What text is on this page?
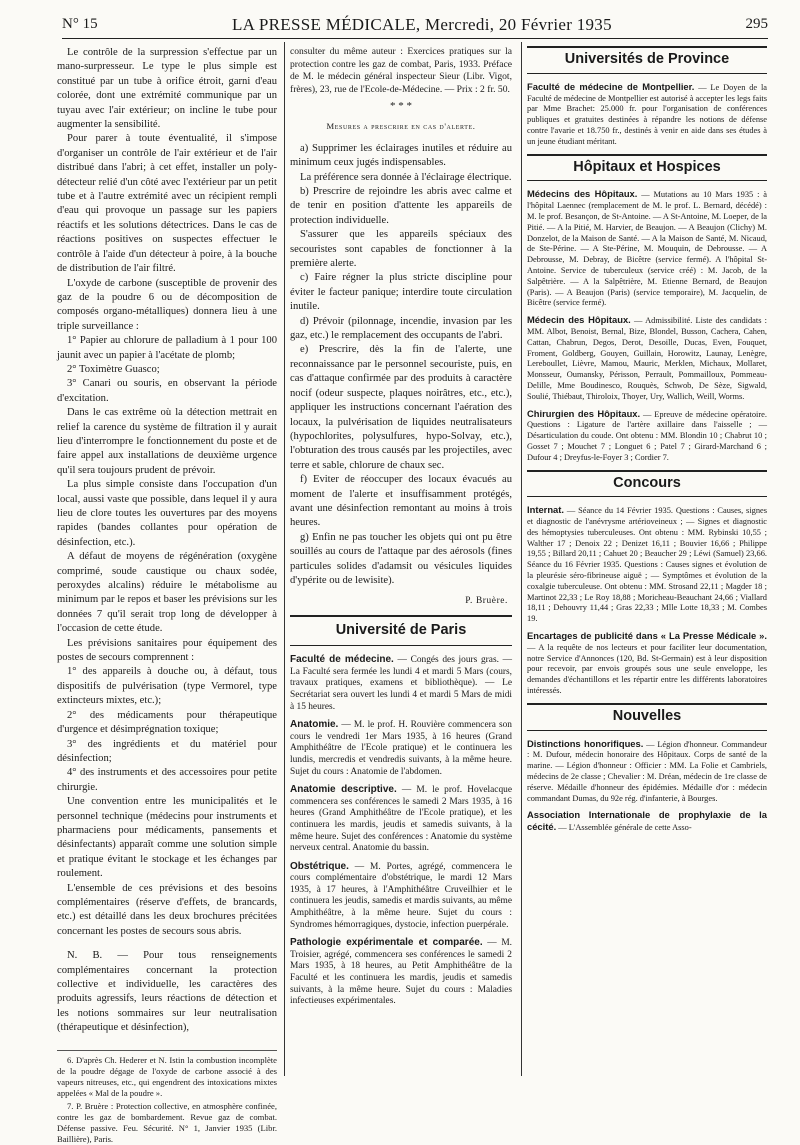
N° 15	LA PRESSE MÉDICALE, Mercredi, 20 Février 1935	295

Le contrôle de la surpression s'effectue par un mano-surpresseur. Le type le plus simple est constitué par un tube à orifice étroit, garni d'eau colorée, dont une extrémité communique par un tuyau avec l'air extérieur; on incline le tube pour augmenter la sensibilité.

Pour parer à toute éventualité, il s'impose d'organiser un contrôle de l'air extérieur et de l'air distribué dans l'abri; à cet effet, installer un poly-détecteur relié d'un côté avec l'extérieur par un petit tube et à l'autre extrémité avec un récipient rempli d'eau qui provoque un passage sur les papiers réactifs et les solutions détectrices. Dans le cas de réactions positives on suspectes effectuer le contrôle à l'aide d'un détecteur à poire, à la bouche de distribution de l'air filtré.

L'oxyde de carbone (susceptible de provenir des gaz de la poudre 6 ou de décomposition de composés organo-métalliques) donnera lieu à une triple surveillance :

1° Papier au chlorure de palladium à 1 pour 100 jaunit avec un papier à l'acétate de plomb;

2° Toximètre Guasco;

3° Canari ou souris, en observant la période d'excitation.

Dans le cas extrême où la détection mettrait en relief la carence du système de filtration il y aurait lieu d'interrompre le fonctionnement du poste et de faire appel aux installations de deuxième urgence qu'il sera toujours prudent de prévoir.

La plus simple consiste dans l'occupation d'un local, aussi vaste que possible, dans lequel il y aura lieu de clore toutes les ouvertures par des moyens rapides (bandes collantes pour opération de désinfection, etc.).

A défaut de moyens de régénération (oxygène comprimé, soude caustique ou chaux sodée, peroxydes alcalins) réduire le métabolisme au minimum par le repos et baser les prévisions sur les données 7 qu'il serait trop long de développer à l'occasion de cette étude.

Les prévisions sanitaires pour équipement des postes de secours comprennent :

1° des appareils à douche ou, à défaut, tous dispositifs de pulvérisation (type Vermorel, type extincteurs mixtes, etc.);

2° des médicaments pour thérapeutique d'urgence et désimprégnation toxique;

3° des ingrédients et du matériel pour désinfection;

4° des instruments et des accessoires pour petite chirurgie.

Une convention entre les municipalités et le personnel technique (médecins pour instruments et pharmaciens pour médicaments, pansements et désinfectants) apparaît comme une solution simple et pratique évitant le stockage et les échanges par roulement.

L'ensemble de ces prévisions et des besoins complémentaires (réserve d'effets, de brancards, etc.) est détaillé dans les deux brochures précitées concernant les postes de secours sous abris.

N. B. — Pour tous renseignements complémentaires concernant la protection collective et individuelle, les caractères des produits agressifs, leurs réactions de détection et les notions sommaires sur leur neutralisation (thérapeutique et désinfection),

6. D'après Ch. Hederer et N. Istin la combustion incomplète de la poudre dégage de l'oxyde de carbone associé à des vapeurs nitreuses, etc., qui engendrent des intoxications mixtes appelées « Mal de la poudre ».

7. P. Bruère : Protection collective, en atmosphère confinée, contre les gaz de bombardement. Revue gaz de combat. Défense passive. Feu. Sécurité. N° 1, Janvier 1935 (Libr. Baillière), Paris.

consulter du même auteur : Exercices pratiques sur la protection contre les gaz de combat, Paris, 1933. Préface de M. le médecin général inspecteur Sieur (Libr. Vigot, frères), 23, rue de l'Ecole-de-Médecine. — Prix : 2 fr. 50.

* * *
Mesures a prescrire en cas d'alerte.

a) Supprimer les éclairages inutiles et réduire au minimum ceux jugés indispensables.

La préférence sera donnée à l'éclairage électrique.

b) Prescrire de rejoindre les abris avec calme et de tenir en position d'attente les appareils de protection individuelle.

S'assurer que les appareils spéciaux des secouristes sont capables de fonctionner à la première alerte.

c) Faire régner la plus stricte discipline pour éviter le facteur panique; interdire toute circulation inutile.

d) Prévoir (pilonnage, incendie, invasion par les gaz, etc.) le remplacement des occupants de l'abri.

e) Prescrire, dès la fin de l'alerte, une reconnaissance par le personnel secouriste, puis, en cas d'attaque confirmée par des produits à caractère nocif (odeur suspecte, plaques noirâtres, etc., etc.), appliquer les instructions concernant l'aération des locaux, la pulvérisation de liquides neutralisateurs (hypochlorites, polysulfures, hypo-Solvay, etc.), l'obturation des trous causés par les projectiles, avec terre et sable, chlorure de chaux sec.

f) Eviter de réoccuper des locaux évacués au moment de l'alerte et insuffisamment protégés, avant une désinfection remontant au moins à trois heures.

g) Enfin ne pas toucher les objets qui ont pu être souillés au cours de l'attaque par des aérosols (fines particules solides d'adamsit ou vésicules liquides d'ypérite ou de lewisite).

P. Bruère.
Université de Paris
Faculté de médecine. — Congés des jours gras. — La Faculté sera fermée les lundi 4 et mardi 5 Mars (cours, travaux pratiques, examens et bibliothèque). — Le Secrétariat sera ouvert les lundi 4 et mardi 5 Mars de midi à 15 heures.
Anatomie. — M. le prof. H. Rouvière commencera son cours le vendredi 1er Mars 1935, à 16 heures (Grand Amphithéâtre de l'Ecole pratique) et le continuera les lundis, mercredis et vendredis suivants, à la même heure. Sujet du cours : Anatomie de l'abdomen.
Anatomie descriptive. — M. le prof. Hovelacque commencera ses conférences le samedi 2 Mars 1935, à 16 heures (Grand Amphithéâtre de l'Ecole pratique), et les continuera les mardis, jeudis et samedis suivants, à la même heure. Sujet des conférences : Anatomie du système nerveux central. Anatomie du bassin.
Obstétrique. — M. Portes, agrégé, commencera le cours complémentaire d'obstétrique, le mardi 12 Mars 1935, à 17 heures, à l'Amphithéâtre Cruveilhier et le continuera les jeudis, samedis et mardis suivants, au même Amphithéâtre, à la même heure. Sujet du cours : Syndromes hémorragiques, dystocie, infection puerpérale.
Pathologie expérimentale et comparée. — M. Troisier, agrégé, commencera ses conférences le samedi 2 Mars 1935, à 18 heures, au Petit Amphithéâtre de la Faculté et les continuera les mardis, jeudis et samedis suivants, à la même heure. Sujet du cours : Maladies infectieuses expérimentales.
Universités de Province
Faculté de médecine de Montpellier. — Le Doyen de la Faculté de médecine de Montpellier est autorisé à accepter les legs faits par Mme Brachet: 25.000 fr. pour l'organisation de conférences publiques et gratuites destinées à répandre les notions de défense contre l'avarie et 18.750 fr., destinés à venir en aide dans ses études à un jeune étudiant méritant.
Hôpitaux et Hospices
Médecins des Hôpitaux. — Mutations au 10 Mars 1935 : à l'hôpital Laennec (remplacement de M. le prof. L. Bernard, décédé) : M. le prof. Besançon, de St-Antoine. — A St-Antoine, M. Loeper, de la Pitié. — A la Pitié, M. Harvier, de Beaujon. — A Beaujon (Clichy) M. Donzelot, de la Maison de Santé. — A la Maison de Santé, M. Nicaud, de Ste-Périne. — A Ste-Périne, M. Mouquin, de Debrousse. — A Debrousse, M. Debray, de Bicêtre (service fermé). A l'hôpital St-Antoine. Service de tuberculeux (service créé) : M. Jacob, de la Salpêtrière. — A la Salpêtrière, M. Etienne Bernard, de Beaujon (Paris). — A Beaujon (Paris) (service temporaire), M. Jacquelin, de Bicêtre (service fermé).
Médecin des Hôpitaux. — Admissibilité. Liste des candidats : MM. Albot, Benoist, Bernal, Bize, Blondel, Busson, Cachera, Cahen, Cattan, Chabrun, Degos, Derot, Desoille, Ducas, Even, Fouquet, Froment, Goldberg, Gouyen, Guillain, Horowitz, Launay, Lenègre, Lereboullet, Lièvre, Mamou, Mauric, Merklen, Michaux, Mollaret, Monsseur, Oumansky, Périsson, Perrault, Pommailloux, Pommeau-Delille, Mme Boudinesco, Rouquès, Schwob, De Sèze, Sigwald, Soulié, Thiébaut, Thiroloix, Thoyer, Ury, Wallich, Weill, Worms.
Chirurgien des Hôpitaux. — Epreuve de médecine opératoire. Questions : Ligature de l'artère axillaire dans l'aisselle ; — Désarticulation du coude. Ont obtenu : MM. Blondin 10 ; Chabrut 10 ; Gosset 7 ; Mouchet 7 ; Longuet 6 ; Patel 7 ; Girard-Marchand 6 ; Dufour 4 ; Dreyfus-le-Foyer 3 ; Cordier 7.
Concours
Internat. — Séance du 14 Février 1935. Questions : Causes, signes et diagnostic de l'anévrysme artérioveineux ; — Signes et diagnostic des hémoptysies tuberculeuses. Ont obtenu : MM. Rybinski 10,55 ; Walther 17 ; Denoix 22 ; Denizet 16,11 ; Bouvier 16,66 ; Philippe 19,55 ; Billard 20,11 ; Cahuet 20 ; Beaucher 29 ; Léwi (Samuel) 23,66. Séance du 16 Février 1935. Questions : Causes signes et évolution de la pleurésie séro-fibrineuse aiguë ; — Symptômes et évolution de la coxalgie tuberculeuse. Ont obtenu : MM. Strosand 22,11 ; Magder 18 ; Martinot 22,33 ; Le Roy 18,88 ; Moricheau-Beauchant 24,66 ; Viallard 18,11 ; Dehouvry 11,44 ; Gras 22,33 ; Mlle Lotte 18,33 ; M. Combes 19.
Encartages de publicité dans « La Presse Médicale ». — A la requête de nos lecteurs et pour faciliter leur documentation, notre Service d'Annonces (120, Bd. St-Germain) est à leur disposition pour recevoir, par envois groupés sous une seule enveloppe, les demandes d'échantillons et les répartir entre les différents laboratoires intéressés.
Nouvelles
Distinctions honorifiques. — Légion d'honneur. Commandeur : M. Dufour, médecin honoraire des Hôpitaux. Corps de santé de la marine. — Légion d'honneur : Officier : MM. La Folie et Cambriels, médecins de 2e classe ; Chevalier : M. Dréan, médecin de 1re classe de réserve. Médaille d'honneur des épidémies. Médaille d'or : médecin commandant Dumas, du 92e rég. d'infanterie, à Bourges.
Association Internationale de prophylaxie de la cécité. — L'Assemblée générale de cette Asso-
